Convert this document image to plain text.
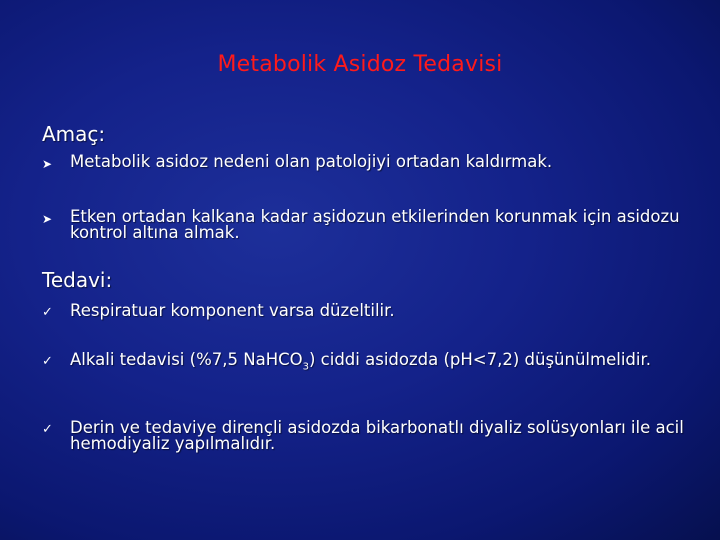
Metabolik Asidoz Tedavisi
Amaç:
➤	Metabolik asidoz nedeni olan patolojiyi ortadan kaldırmak.
➤	Etken ortadan kalkana kadar aşidozun etkilerinden korunmak için asidozu kontrol altına almak.
Tedavi:
✓	Respiratuar komponent varsa düzeltilir.
✓	Alkali tedavisi (%7,5 NaHCO$_3$) ciddi asidozda (pH<7,2) düşünülmelidir.
✓	Derin ve tedaviye dirençli asidozda bikarbonatlı diyaliz solüsyonları ile acil hemodiyaliz yapılmalıdır.
